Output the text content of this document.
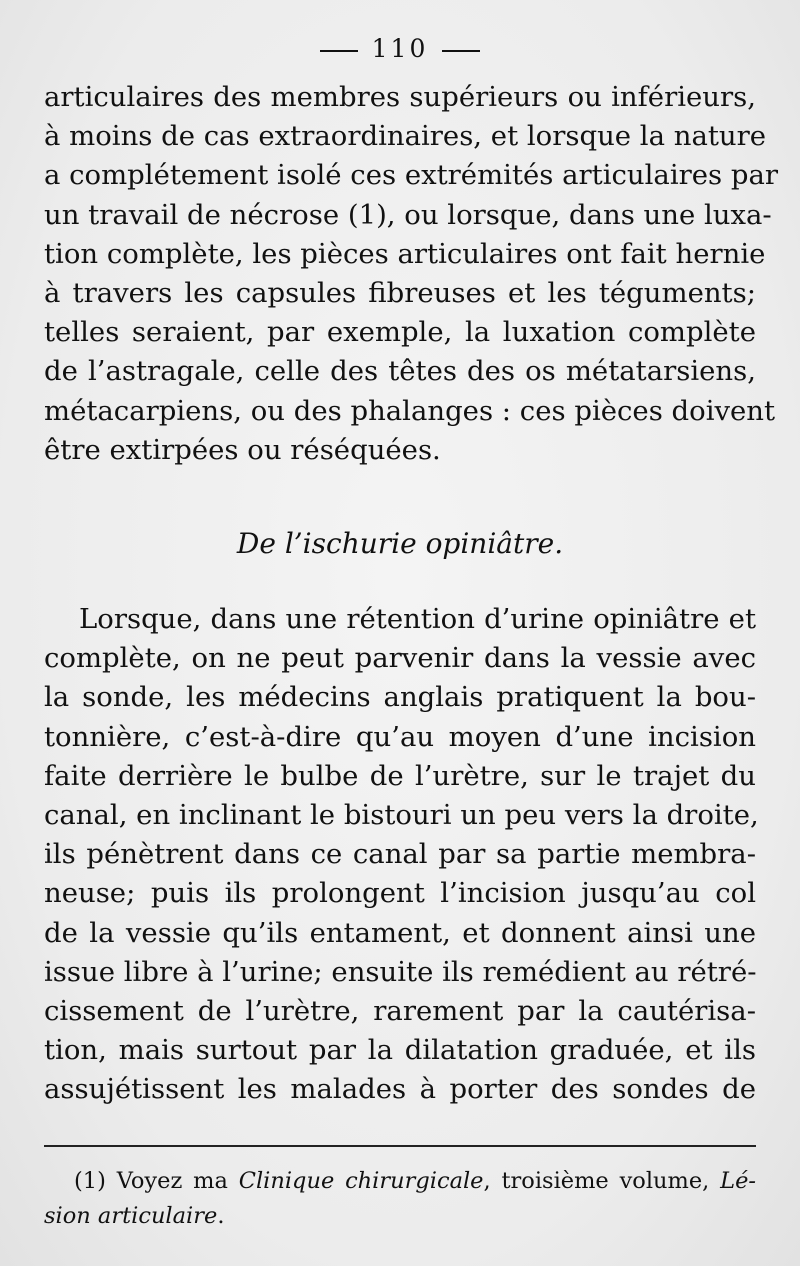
110
articulaires des membres supérieurs ou inférieurs,
à moins de cas extraordinaires, et lorsque la nature
a complétement isolé ces extrémités articulaires par
un travail de nécrose (1), ou lorsque, dans une luxa-
tion complète, les pièces articulaires ont fait hernie
à travers les capsules fibreuses et les téguments;
telles seraient, par exemple, la luxation complète
de l’astragale, celle des têtes des os métatarsiens,
métacarpiens, ou des phalanges : ces pièces doivent
être extirpées ou réséquées.
De l’ischurie opiniâtre.
Lorsque, dans une rétention d’urine opiniâtre et
complète, on ne peut parvenir dans la vessie avec
la sonde, les médecins anglais pratiquent la bou-
tonnière, c’est-à-dire qu’au moyen d’une incision
faite derrière le bulbe de l’urètre, sur le trajet du
canal, en inclinant le bistouri un peu vers la droite,
ils pénètrent dans ce canal par sa partie membra-
neuse; puis ils prolongent l’incision jusqu’au col
de la vessie qu’ils entament, et donnent ainsi une
issue libre à l’urine; ensuite ils remédient au rétré-
cissement de l’urètre, rarement par la cautérisa-
tion, mais surtout par la dilatation graduée, et ils
assujétissent les malades à porter des sondes de
(1) Voyez ma Clinique chirurgicale, troisième volume, Lé-
sion articulaire.
